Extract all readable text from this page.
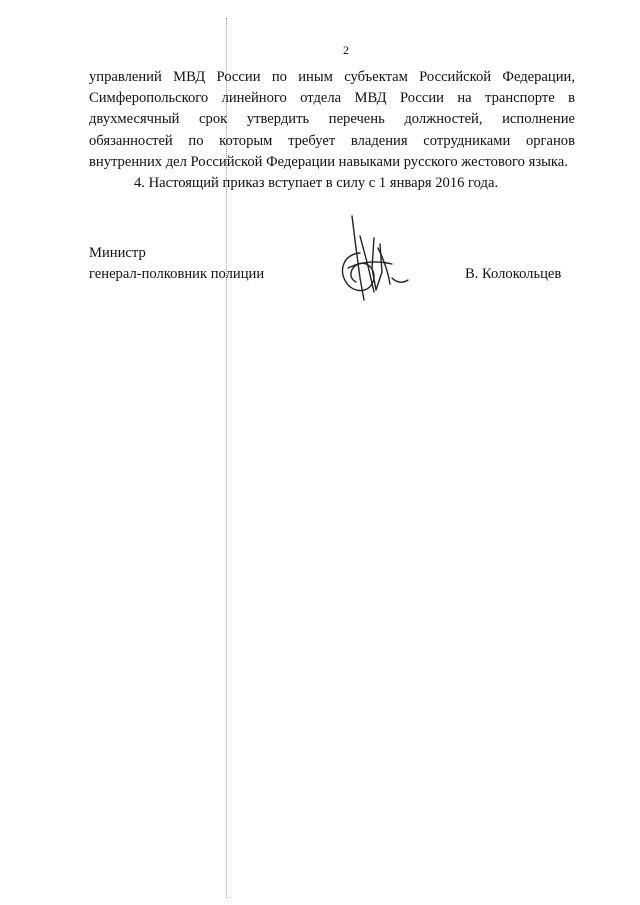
2

управлений МВД России по иным субъектам Российской Федерации, Симферопольского линейного отдела МВД России на транспорте в двухмесячный срок утвердить перечень должностей, исполнение обязанностей по которым требует владения сотрудниками органов внутренних дел Российской Федерации навыками русского жестового языка.

4. Настоящий приказ вступает в силу с 1 января 2016 года.

Министр
генерал-полковник полиции	В. Колокольцев
